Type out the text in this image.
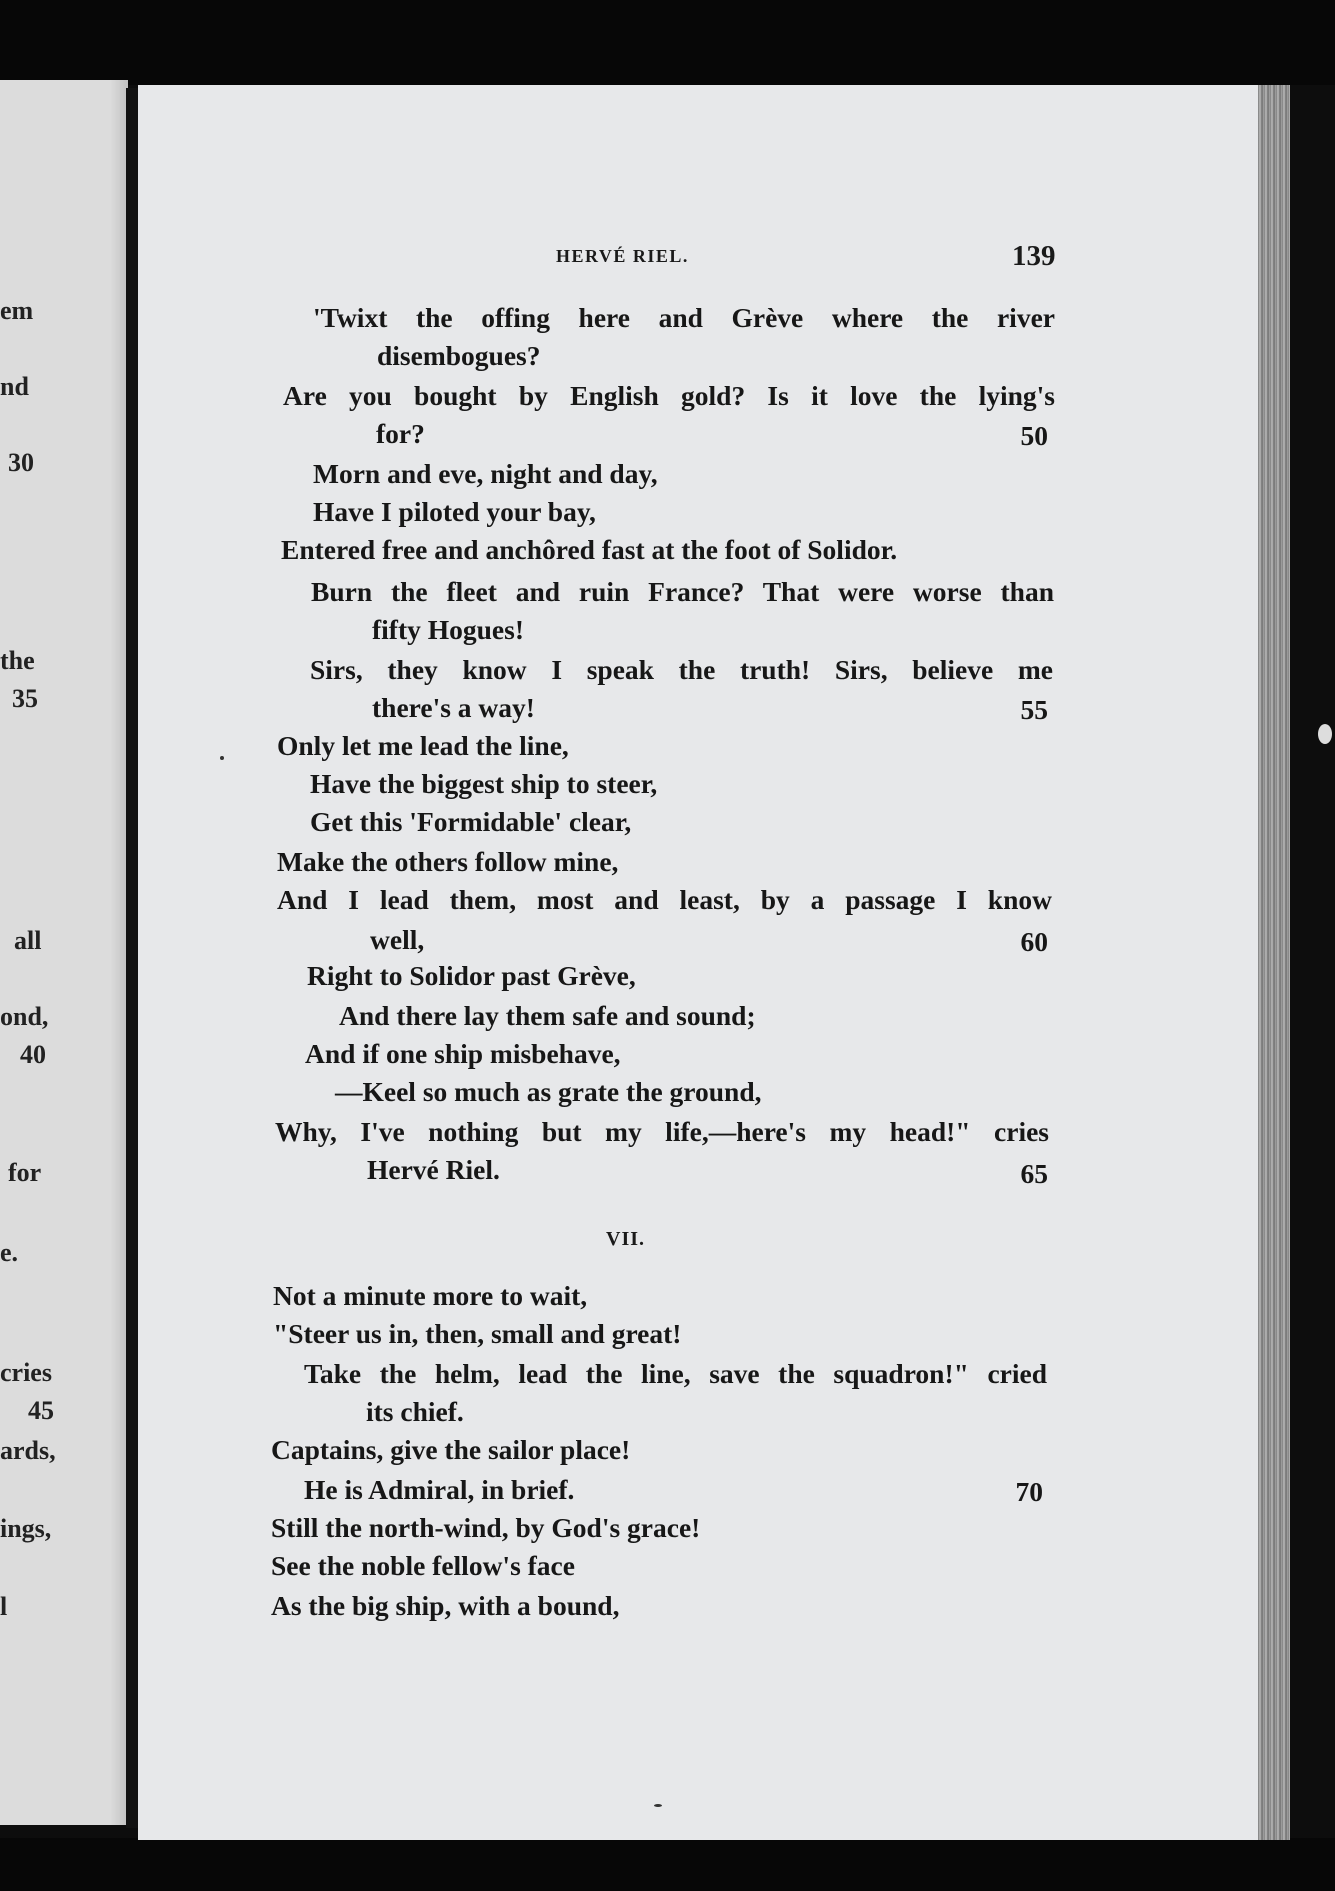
em
nd
30
the
35
all
ond,
40
for
e.
cries
45
ards,
ings,
l
HERVÉ RIEL.	139
'Twixt the offing here and Grève where the river
disembogues?
Are you bought by English gold? Is it love the lying's
for?	50
Morn and eve, night and day,
Have I piloted your bay,
Entered free and anchôred fast at the foot of Solidor.
Burn the fleet and ruin France? That were worse than
fifty Hogues!
Sirs, they know I speak the truth! Sirs, believe me
there's a way!	55
Only let me lead the line,
Have the biggest ship to steer,
Get this 'Formidable' clear,
Make the others follow mine,
And I lead them, most and least, by a passage I know
well,	60
Right to Solidor past Grève,
And there lay them safe and sound;
And if one ship misbehave,
—Keel so much as grate the ground,
Why, I've nothing but my life,—here's my head!" cries
Hervé Riel.	65
VII.
Not a minute more to wait,
"Steer us in, then, small and great!
Take the helm, lead the line, save the squadron!" cried
its chief.
Captains, give the sailor place!
He is Admiral, in brief.	70
Still the north-wind, by God's grace!
See the noble fellow's face
As the big ship, with a bound,
